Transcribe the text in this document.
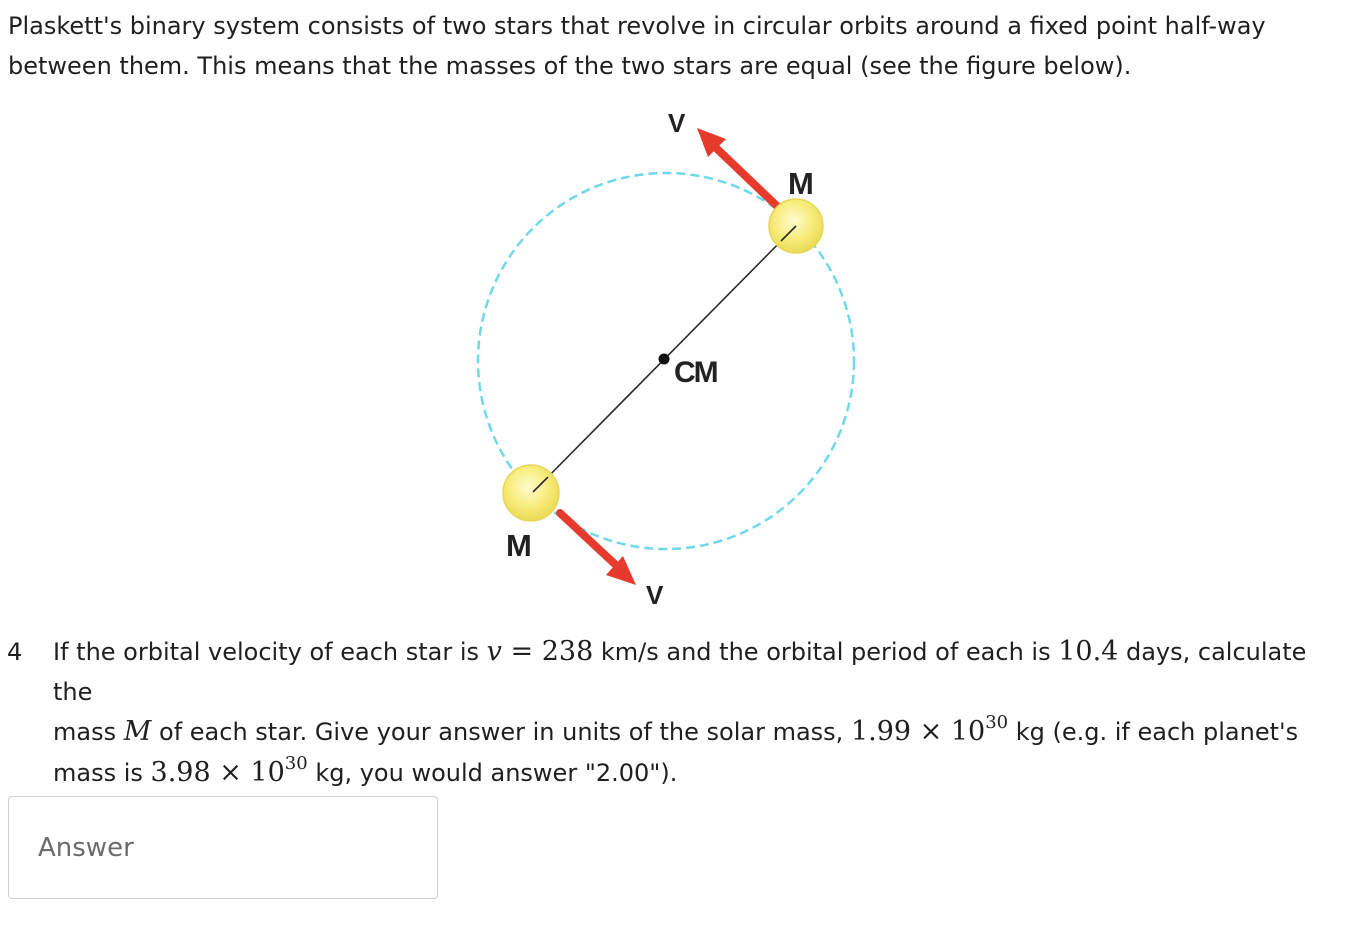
Plaskett's binary system consists of two stars that revolve in circular orbits around a fixed point half-way
between them. This means that the masses of the two stars are equal (see the figure below).
V
M
CM
M
V
4 If the orbital velocity of each star is v = 238 km/s and the orbital period of each is 10.4 days, calculate the
mass M of each star. Give your answer in units of the solar mass, $1.99 \times 10^{30}$ kg (e.g. if each planet's
mass is $3.98 \times 10^{30}$ kg, you would answer "2.00").
Answer
